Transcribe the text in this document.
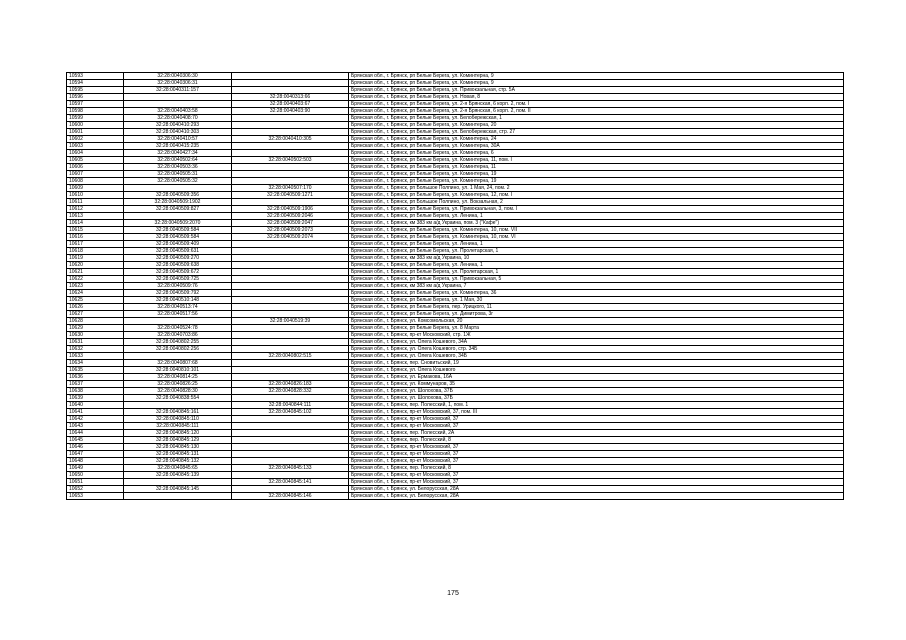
10593	32:28:0040306:30		Брянская обл., г. Брянск, рп Белые Берега, ул. Коминтерна, 9
10594	32:28:0040306:31		Брянская обл., г. Брянск, рп Белые Берега, ул. Коминтерна, 9
10595	32:28:0040311:157		Брянская обл., г. Брянск, рп Белые Берега, ул. Привокзальная, стр. 5А
10596		32:28:0040313:66	Брянская обл., г. Брянск, рп Белые Берега, ул. Новая, 8
10597		32:28:0040403:67	Брянская обл., г. Брянск, рп Белые Берега, ул. 2-я Брянская, 6 корп. 2, пом. I
10598	32:28:0040403:58	32:28:0040403:90	Брянская обл., г. Брянск, рп Белые Берега, ул. 2-я Брянская, 6 корп. 2, пом. II
10599	32:28:0040408:70		Брянская обл., г. Брянск, рп Белые Берега, ул. Белобережская, 1
10600	32:28:0040410:293		Брянская обл., г. Брянск, рп Белые Берега, ул. Коминтерна, 20
10601	32:28:0040410:303		Брянская обл., г. Брянск, рп Белые Берега, ул. Белобережская, стр. 27
10602	32:28:0040410:57	32:28:0040410:305	Брянская обл., г. Брянск, рп Белые Берега, ул. Коминтерна, 24
10603	32:28:0040415:235		Брянская обл., г. Брянск, рп Белые Берега, ул. Коминтерна, 30А
10604	32:28:0040427:34		Брянская обл., г. Брянск, рп Белые Берега, ул. Коминтерна, 6
10605	32:28:0040502:64	32:28:0040502:503	Брянская обл., г. Брянск, рп Белые Берега, ул. Коминтерна, 11, пом. I
10606	32:28:0040503:36		Брянская обл., г. Брянск, рп Белые Берега, ул. Коминтерна, 11
10607	32:28:0040505:31		Брянская обл., г. Брянск, рп Белые Берега, ул. Коминтерна, 19
10608	32:28:0040505:32		Брянская обл., г. Брянск, рп Белые Берега, ул. Коминтерна, 19
10609		32:28:0040507:170	Брянская обл., г. Брянск, рп Большое Полпино, ул. 1 Мая, 24, пом. 2
10610	32:28:0040509:356	32:28:0040509:1271	Брянская обл., г. Брянск, рп Белые Берега, ул. Коминтерна, 12, пом. I
10611	32:28:0040509:1902		Брянская обл., г. Брянск, рп Большое Полпино, ул. Вокзальная, 2
10612	32:28:0040509:827	32:28:0040509:1906	Брянская обл., г. Брянск, рп Белые Берега, ул. Привокзальная, 3, пом. I
10613		32:28:0040509:2046	Брянская обл., г. Брянск, рп Белые Берега, ул. Ленина, 1
10614	32:28:0040509:2070	32:28:0040509:2047	Брянская обл., г. Брянск, км 383 км а/д Украина, пом. 3 ("Кафе")
10615	32:28:0040509:584	32:28:0040509:2073	Брянская обл., г. Брянск, рп Белые Берега, ул. Коминтерна, 10, пом. VII
10616	32:28:0040509:584	32:28:0040509:2074	Брянская обл., г. Брянск, рп Белые Берега, ул. Коминтерна, 10, пом. VI
10617	32:28:0040509:409		Брянская обл., г. Брянск, рп Белые Берега, ул. Ленина, 1
10618	32:28:0040509:631		Брянская обл., г. Брянск, рп Белые Берега, ул. Пролетарская, 1
10619	32:28:0040509:270		Брянская обл., г. Брянск, км 383 км а/д Украина, 10
10620	32:28:0040509:638		Брянская обл., г. Брянск, рп Белые Берега, ул. Ленина, 1
10621	32:28:0040509:672		Брянская обл., г. Брянск, рп Белые Берега, ул. Пролетарская, 1
10622	32:28:0040509:725		Брянская обл., г. Брянск, рп Белые Берега, ул. Привокзальная, 5
10623	32:28:0040509:76		Брянская обл., г. Брянск, км 383 км а/д Украина, 7
10624	32:28:0040509:792		Брянская обл., г. Брянск, рп Белые Берега, ул. Коминтерна, 36
10625	32:28:0040510:148		Брянская обл., г. Брянск, рп Белые Берега, ул. 1 Мая, 30
10626	32:28:0040513:74		Брянская обл., г. Брянск, рп Белые Берега, пер. Урицкого, 11
10627	32:28:0040517:56		Брянская обл., г. Брянск, рп Белые Берега, ул. Димитрова, 3г
10628		32:28:0040519:39	Брянская обл., г. Брянск, ул. Комсомольская, 20
10629	32:28:0040524:78		Брянская обл., г. Брянск, рп Белые Берега, ул. 8 Марта
10630	32:28:0040703:86		Брянская обл., г. Брянск, пр-кт Московский, стр. 1Ж
10631	32:28:0040802:255		Брянская обл., г. Брянск, ул. Олега Кошевого, 34А
10632	32:28:0040802:256		Брянская обл., г. Брянск, ул. Олега Кошевого, стр. 34Б
10633		32:28:0040802:515	Брянская обл., г. Брянск, ул. Олега Кошевого, 34Б
10634	32:28:0040807:68		Брянская обл., г. Брянск, пер. Сновитьский, 19
10635	32:28:0040810:101		Брянская обл., г. Брянск, ул. Олега Кошевого
10636	32:28:0040814:25		Брянская обл., г. Брянск, ул. Ермакова, 16А
10637	32:28:0040826:25	32:28:0040826:183	Брянская обл., г. Брянск, ул. Коммунаров, 35
10638	32:28:0040828:30	32:28:0040828:332	Брянская обл., г. Брянск, ул. Шолохова, 37Б
10639	32:28:0040838:554		Брянская обл., г. Брянск, ул. Шолохова, 37Б
10640		32:28:0040844:111	Брянская обл., г. Брянск, пер. Полесский, 1, пом. 1
10641	32:28:0040845:161	32:28:0040845:102	Брянская обл., г. Брянск, пр-кт Московский, 37, пом. III
10642	32:28:0040845:110		Брянская обл., г. Брянск, пр-кт Московский, 37
10643	32:28:0040845:111		Брянская обл., г. Брянск, пр-кт Московский, 37
10644	32:28:0040845:120		Брянская обл., г. Брянск, пер. Полесский, 2А
10645	32:28:0040845:129		Брянская обл., г. Брянск, пер. Полесский, 8
10646	32:28:0040845:130		Брянская обл., г. Брянск, пр-кт Московский, 37
10647	32:28:0040845:131		Брянская обл., г. Брянск, пр-кт Московский, 37
10648	32:28:0040845:132		Брянская обл., г. Брянск, пр-кт Московский, 37
10649	32:28:0040845:65	32:28:0040845:133	Брянская обл., г. Брянск, пер. Полесский, 8
10650	32:28:0040845:139		Брянская обл., г. Брянск, пр-кт Московский, 37
10651		32:28:0040845:141	Брянская обл., г. Брянск, пр-кт Московский, 37
10652	32:28:0040845:145		Брянская обл., г. Брянск, ул. Белорусская, 28А
10653		32:28:0040845:146	Брянская обл., г. Брянск, ул. Белорусская, 28А
175
